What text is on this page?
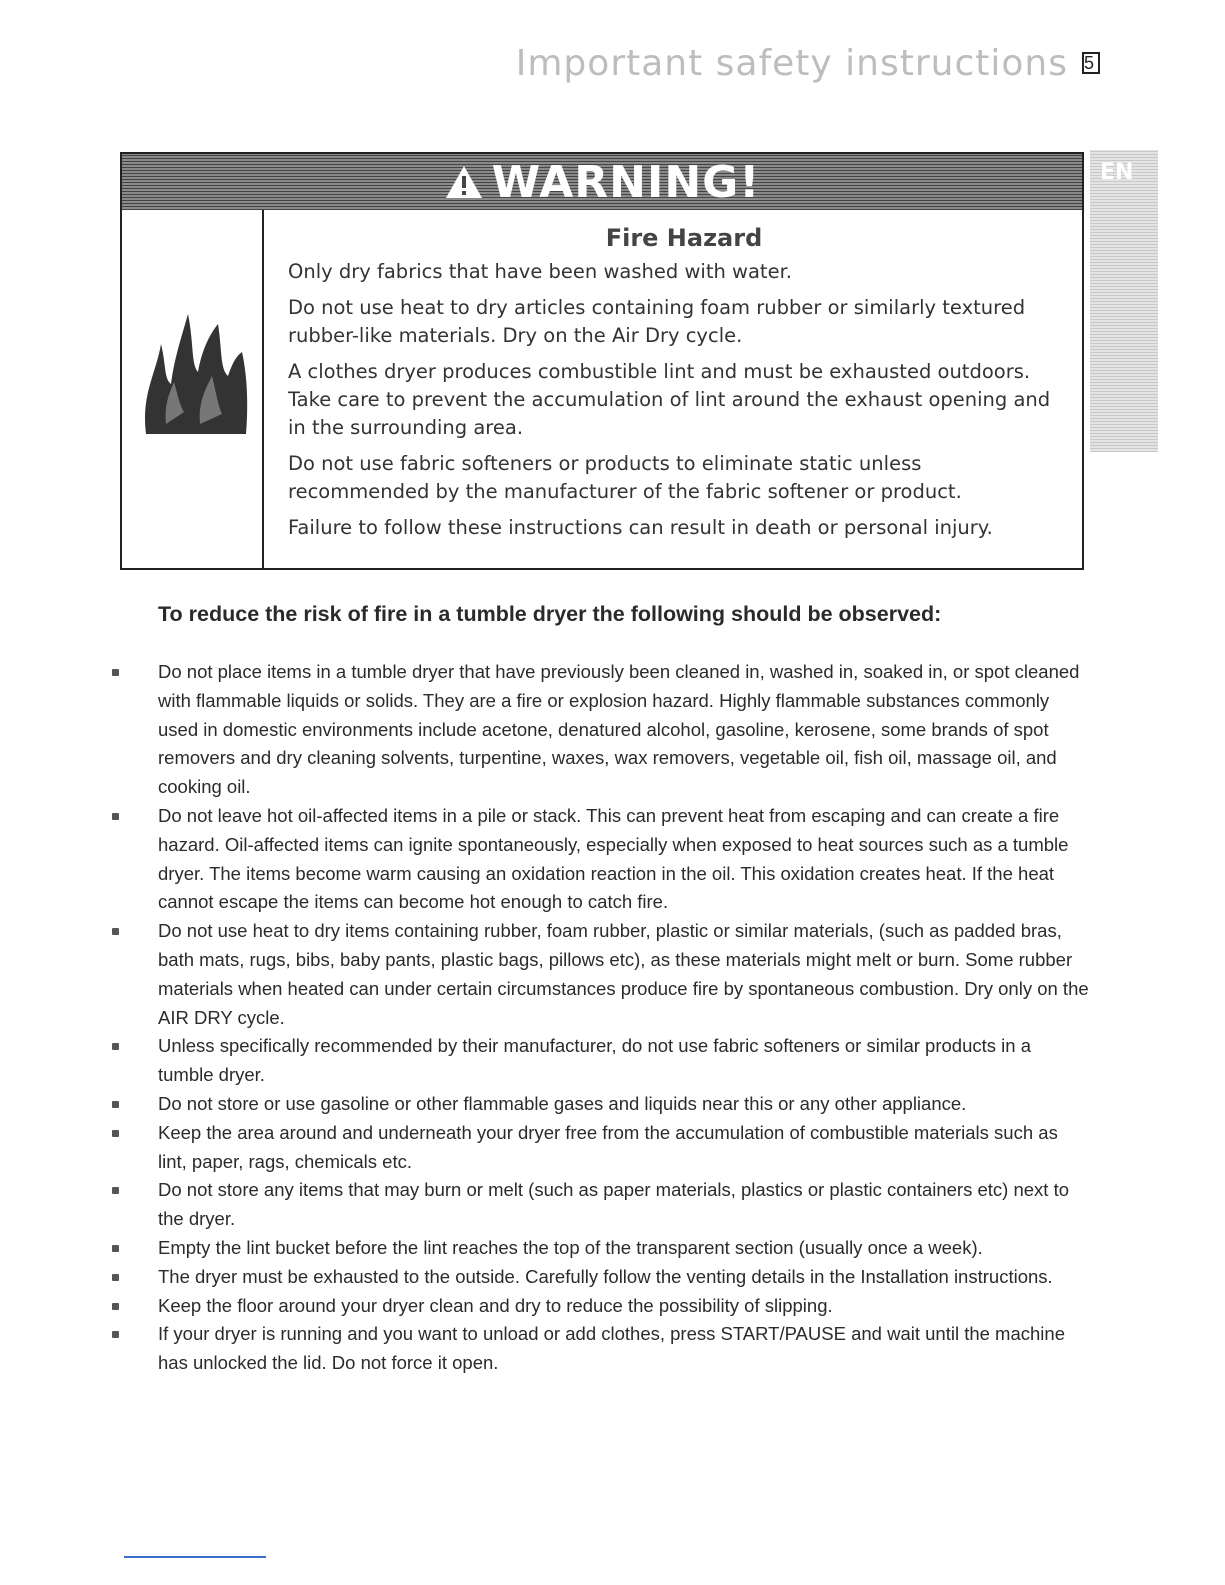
Important safety instructions 5
EN
WARNING!
Fire Hazard

Only dry fabrics that have been washed with water.

Do not use heat to dry articles containing foam rubber or similarly textured rubber-like materials. Dry on the Air Dry cycle.

A clothes dryer produces combustible lint and must be exhausted outdoors. Take care to prevent the accumulation of lint around the exhaust opening and in the surrounding area.

Do not use fabric softeners or products to eliminate static unless recommended by the manufacturer of the fabric softener or product.

Failure to follow these instructions can result in death or personal injury.

To reduce the risk of fire in a tumble dryer the following should be observed:
Do not place items in a tumble dryer that have previously been cleaned in, washed in, soaked in, or spot cleaned with flammable liquids or solids. They are a fire or explosion hazard. Highly flammable substances commonly used in domestic environments include acetone, denatured alcohol, gasoline, kerosene, some brands of spot removers and dry cleaning solvents, turpentine, waxes, wax removers, vegetable oil, fish oil, massage oil, and cooking oil.
Do not leave hot oil-affected items in a pile or stack. This can prevent heat from escaping and can create a fire hazard. Oil-affected items can ignite spontaneously, especially when exposed to heat sources such as a tumble dryer. The items become warm causing an oxidation reaction in the oil. This oxidation creates heat. If the heat cannot escape the items can become hot enough to catch fire.
Do not use heat to dry items containing rubber, foam rubber, plastic or similar materials, (such as padded bras, bath mats, rugs, bibs, baby pants, plastic bags, pillows etc), as these materials might melt or burn. Some rubber materials when heated can under certain circumstances produce fire by spontaneous combustion. Dry only on the AIR DRY cycle.
Unless specifically recommended by their manufacturer, do not use fabric softeners or similar products in a tumble dryer.
Do not store or use gasoline or other flammable gases and liquids near this or any other appliance.
Keep the area around and underneath your dryer free from the accumulation of combustible materials such as lint, paper, rags, chemicals etc.
Do not store any items that may burn or melt (such as paper materials, plastics or plastic containers etc) next to the dryer.
Empty the lint bucket before the lint reaches the top of the transparent section (usually once a week).
The dryer must be exhausted to the outside. Carefully follow the venting details in the Installation instructions.
Keep the floor around your dryer clean and dry to reduce the possibility of slipping.
If your dryer is running and you want to unload or add clothes, press START/PAUSE and wait until the machine has unlocked the lid. Do not force it open.
